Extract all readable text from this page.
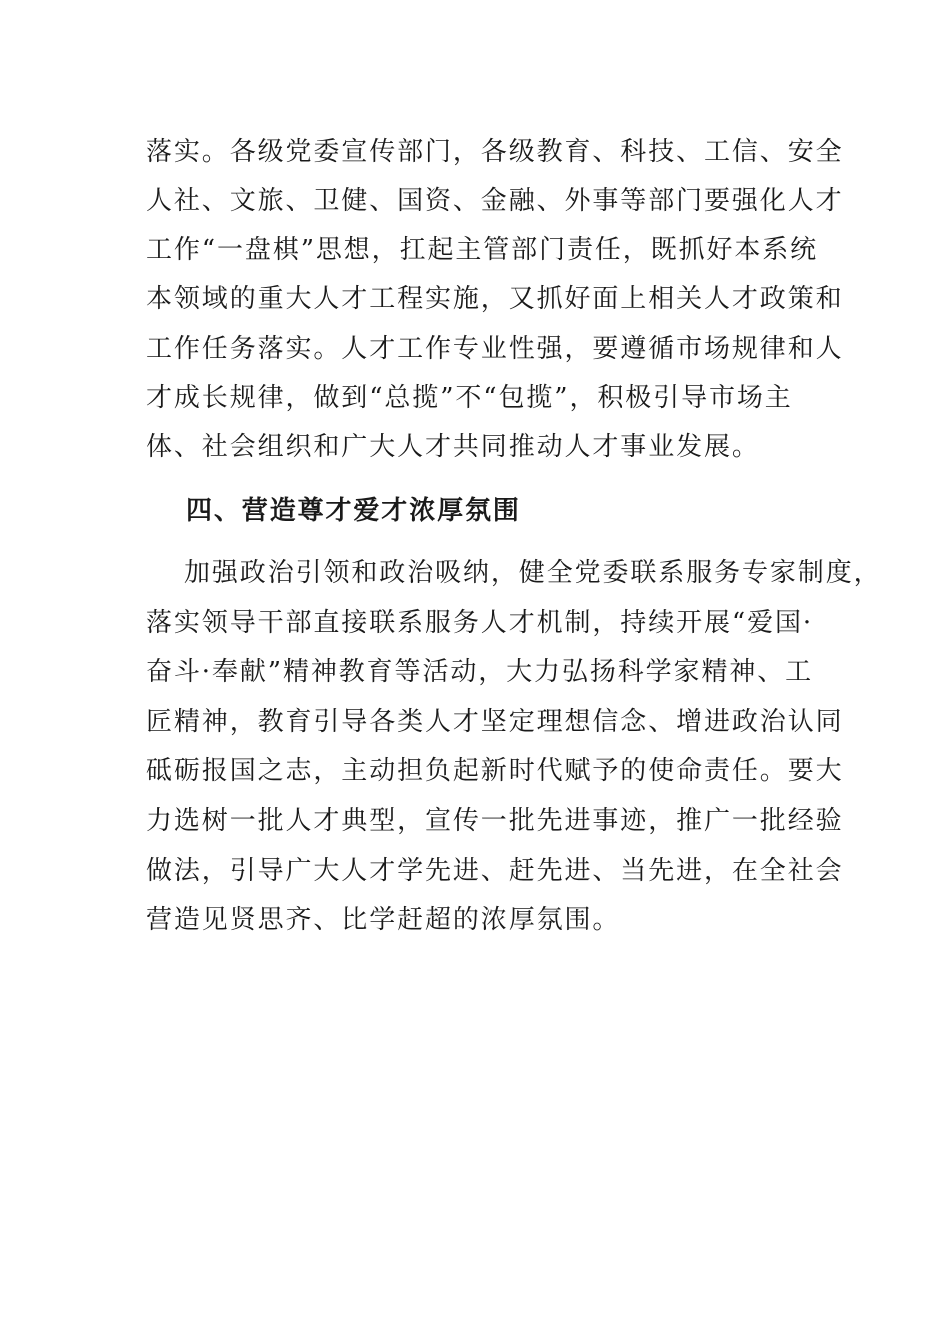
落实。各级党委宣传部门，各级教育、科技、工信、安全
人社、文旅、卫健、国资、金融、外事等部门要强化人才
工作“一盘棋”思想，扛起主管部门责任，既抓好本系统
本领域的重大人才工程实施，又抓好面上相关人才政策和
工作任务落实。人才工作专业性强，要遵循市场规律和人
才成长规律，做到“总揽”不“包揽”，积极引导市场主
体、社会组织和广大人才共同推动人才事业发展。
四、营造尊才爱才浓厚氛围
加强政治引领和政治吸纳，健全党委联系服务专家制度，
落实领导干部直接联系服务人才机制，持续开展“爱国·
奋斗·奉献”精神教育等活动，大力弘扬科学家精神、工
匠精神，教育引导各类人才坚定理想信念、增进政治认同
砥砺报国之志，主动担负起新时代赋予的使命责任。要大
力选树一批人才典型，宣传一批先进事迹，推广一批经验
做法，引导广大人才学先进、赶先进、当先进，在全社会
营造见贤思齐、比学赶超的浓厚氛围。
